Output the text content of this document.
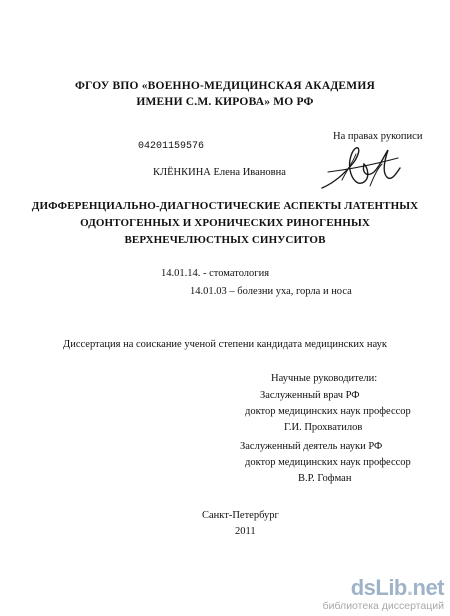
ФГОУ ВПО «ВОЕННО-МЕДИЦИНСКАЯ АКАДЕМИЯ
ИМЕНИ С.М. КИРОВА» МО РФ
На правах рукописи
04201159576
КЛЁНКИНА Елена Ивановна
ДИФФЕРЕНЦИАЛЬНО-ДИАГНОСТИЧЕСКИЕ АСПЕКТЫ ЛАТЕНТНЫХ
ОДОНТОГЕННЫХ И ХРОНИЧЕСКИХ РИНОГЕННЫХ
ВЕРХНЕЧЕЛЮСТНЫХ СИНУСИТОВ
14.01.14. - стоматология
14.01.03 – болезни уха, горла и носа
Диссертация на соискание ученой степени кандидата медицинских наук
Научные руководители:
Заслуженный врач РФ
доктор медицинских наук профессор
Г.И. Прохватилов
Заслуженный деятель науки РФ
доктор медицинских наук профессор
В.Р. Гофман
Санкт-Петербург
2011
dsLib.net
библиотека диссертаций
